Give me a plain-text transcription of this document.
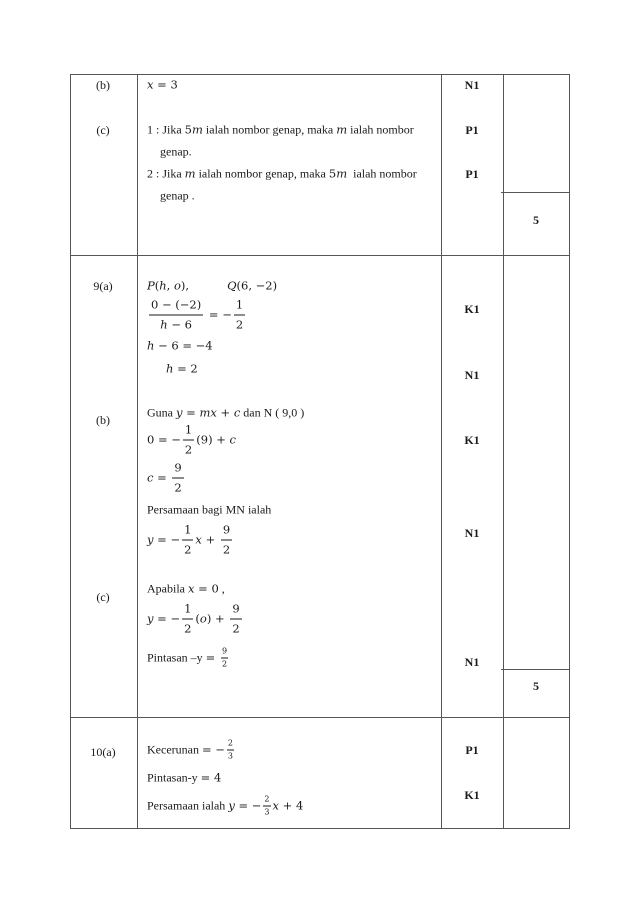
(b)
(c)
x = 3
1 : Jika 5m ialah nombor genap, maka m ialah nombor
genap.
2 : Jika m ialah nombor genap, maka 5m ialah nombor
genap .
N1
P1
P1
5
9(a)
(b)
(c)
P(h, o),	Q(6, −2)
$\frac{0 - (-2)}{h - 6}$ = − $\frac{1}{2}$
h − 6 = −4
h = 2
Guna y = mx + c dan N ( 9,0 )
0 = − $\frac{1}{2} (9) + c$
$c = \frac{9}{2}$
Persamaan bagi MN ialah
y = − $\frac{1}{2}$ $x + \frac{9}{2}$
Apabila x = 0 ,
y = − $\frac{1}{2} (o) + \frac{9}{2}$
Pintasan $-y = \frac{9}{2}$
K1
N1
K1
N1
N1
5
10(a)	Kecerunan = − $\frac{2}{3}$
Pintasan-y = 4
Persamaan ialah y = − $\frac{2}{3}$ x + 4
P1
K1
